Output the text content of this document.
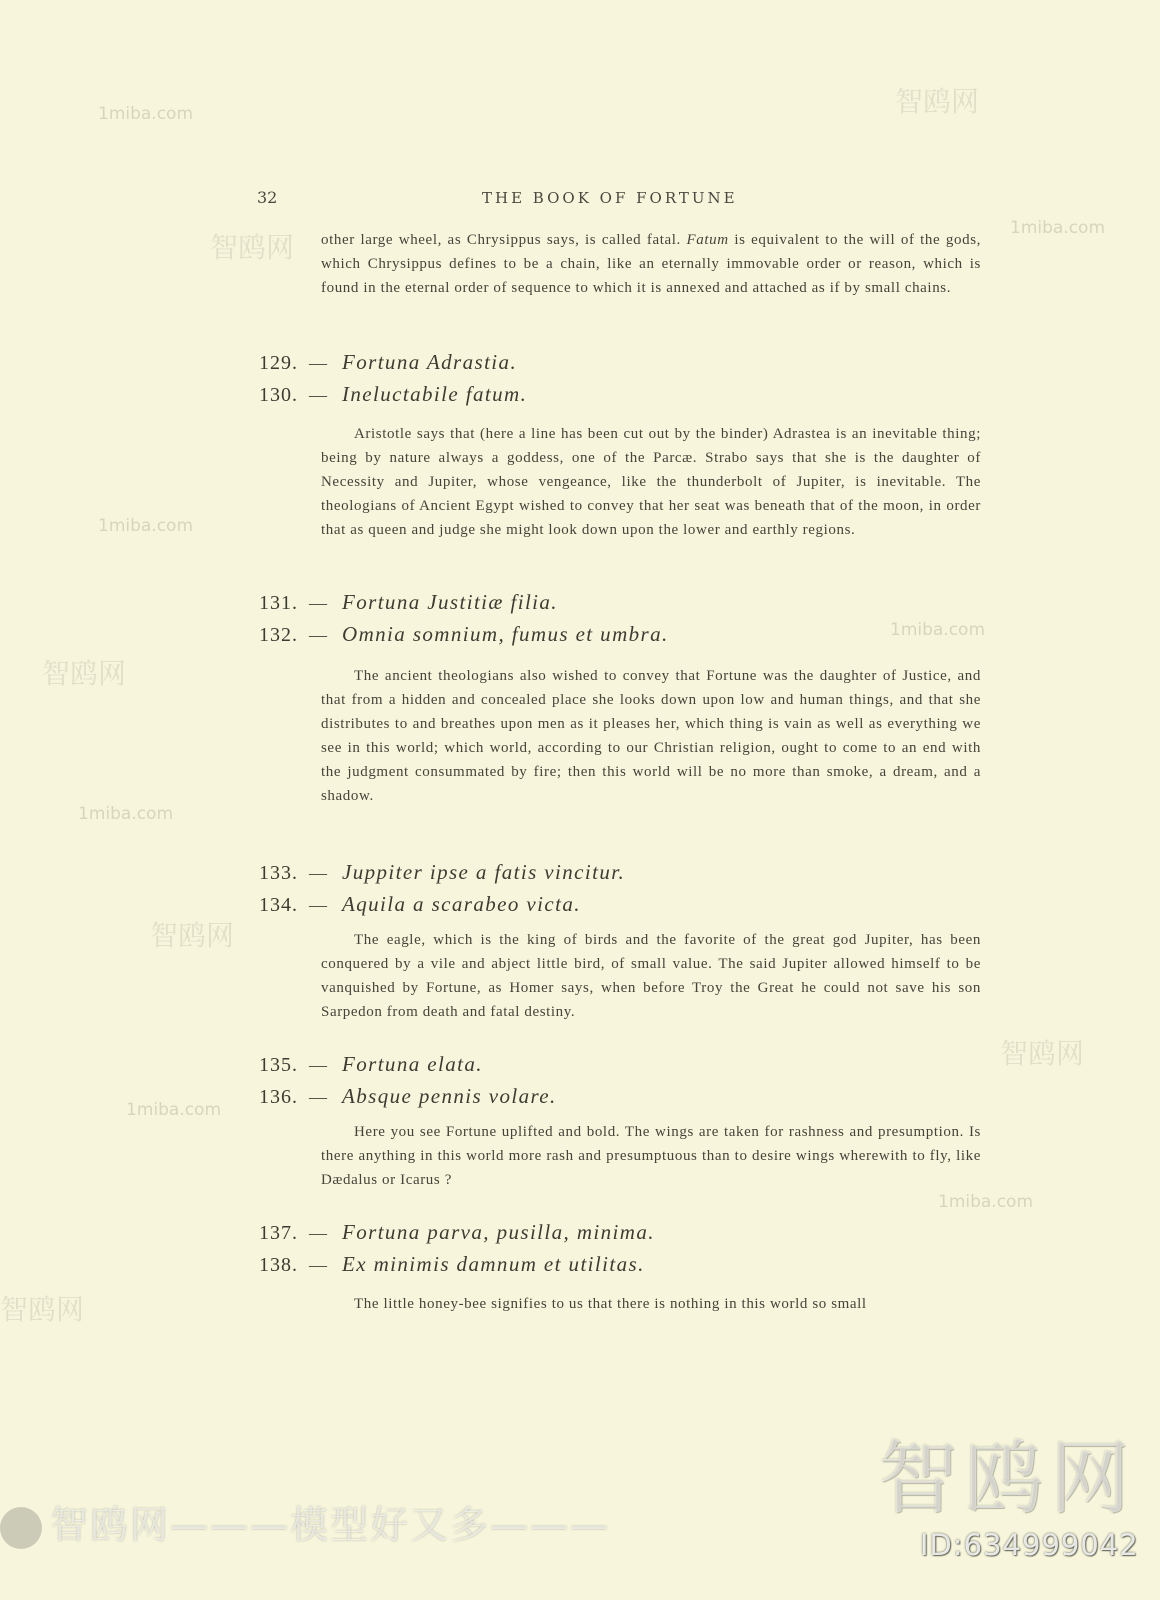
32	THE BOOK OF FORTUNE
other large wheel, as Chrysippus says, is called fatal. Fatum is equivalent to the will of the gods, which Chrysippus defines to be a chain, like an eternally immovable order or reason, which is found in the eternal order of sequence to which it is annexed and attached as if by small chains.
129. — Fortuna Adrastia.
130. — Ineluctabile fatum.
Aristotle says that (here a line has been cut out by the binder) Adrastea is an inevitable thing; being by nature always a goddess, one of the Parcæ. Strabo says that she is the daughter of Necessity and Jupiter, whose vengeance, like the thunderbolt of Jupiter, is inevitable. The theologians of Ancient Egypt wished to convey that her seat was beneath that of the moon, in order that as queen and judge she might look down upon the lower and earthly regions.
131. — Fortuna Justitiæ filia.
132. — Omnia somnium, fumus et umbra.
The ancient theologians also wished to convey that Fortune was the daughter of Justice, and that from a hidden and concealed place she looks down upon low and human things, and that she distributes to and breathes upon men as it pleases her, which thing is vain as well as everything we see in this world; which world, according to our Christian religion, ought to come to an end with the judgment consummated by fire; then this world will be no more than smoke, a dream, and a shadow.
133. — Juppiter ipse a fatis vincitur.
134. — Aquila a scarabeo victa.
The eagle, which is the king of birds and the favorite of the great god Jupiter, has been conquered by a vile and abject little bird, of small value. The said Jupiter allowed himself to be vanquished by Fortune, as Homer says, when before Troy the Great he could not save his son Sarpedon from death and fatal destiny.
135. — Fortuna elata.
136. — Absque pennis volare.
Here you see Fortune uplifted and bold. The wings are taken for rashness and presumption. Is there anything in this world more rash and presumptuous than to desire wings wherewith to fly, like Dædalus or Icarus ?
137. — Fortuna parva, pusilla, minima.
138. — Ex minimis damnum et utilitas.
The little honey-bee signifies to us that there is nothing in this world so small
1miba.com
1miba.com
1miba.com
1miba.com
1miba.com
1miba.com
1miba.com
智鸥网
智鸥网
智鸥网
智鸥网
智鸥网
智鸥网
智鸥网———模型好又多———	智鸥网
ID:634999042
